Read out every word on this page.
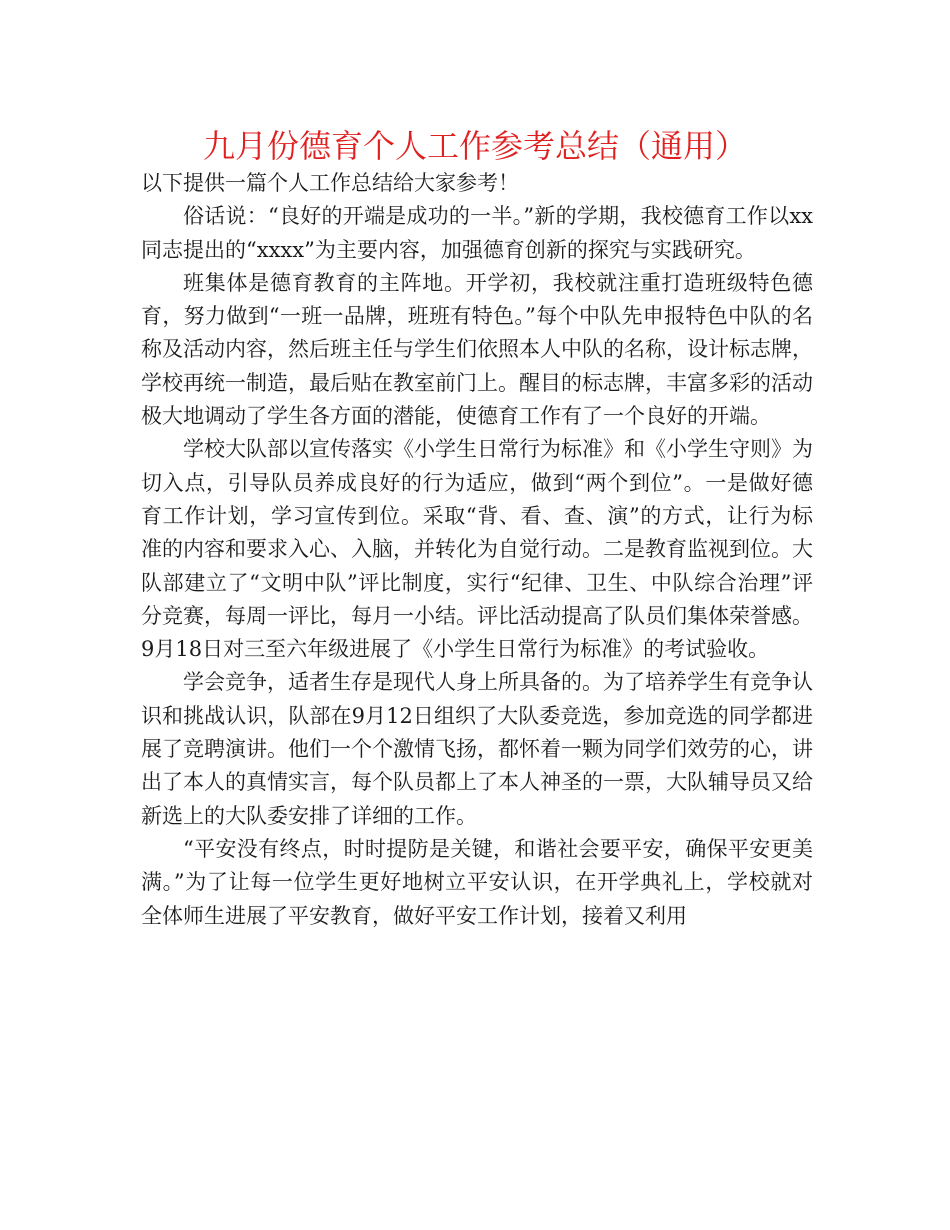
九月份德育个人工作参考总结（通用）

以下提供一篇个人工作总结给大家参考！

俗话说：“良好的开端是成功的一半。”新的学期，我校德育工作以xx同志提出的“xxxx”为主要内容，加强德育创新的探究与实践研究。

班集体是德育教育的主阵地。开学初，我校就注重打造班级特色德育，努力做到“一班一品牌，班班有特色。”每个中队先申报特色中队的名称及活动内容，然后班主任与学生们依照本人中队的名称，设计标志牌，学校再统一制造，最后贴在教室前门上。醒目的标志牌，丰富多彩的活动极大地调动了学生各方面的潜能，使德育工作有了一个良好的开端。

学校大队部以宣传落实《小学生日常行为标准》和《小学生守则》为切入点，引导队员养成良好的行为适应，做到“两个到位”。一是做好德育工作计划，学习宣传到位。采取“背、看、查、演”的方式，让行为标准的内容和要求入心、入脑，并转化为自觉行动。二是教育监视到位。大队部建立了“文明中队”评比制度，实行“纪律、卫生、中队综合治理”评分竞赛，每周一评比，每月一小结。评比活动提高了队员们集体荣誉感。9月18日对三至六年级进展了《小学生日常行为标准》的考试验收。

学会竞争，适者生存是现代人身上所具备的。为了培养学生有竞争认识和挑战认识，队部在9月12日组织了大队委竞选，参加竞选的同学都进展了竞聘演讲。他们一个个激情飞扬，都怀着一颗为同学们效劳的心，讲出了本人的真情实言，每个队员都上了本人神圣的一票，大队辅导员又给新选上的大队委安排了详细的工作。

“平安没有终点，时时提防是关键，和谐社会要平安，确保平安更美满。”为了让每一位学生更好地树立平安认识，在开学典礼上，学校就对全体师生进展了平安教育，做好平安工作计划，接着又利用
